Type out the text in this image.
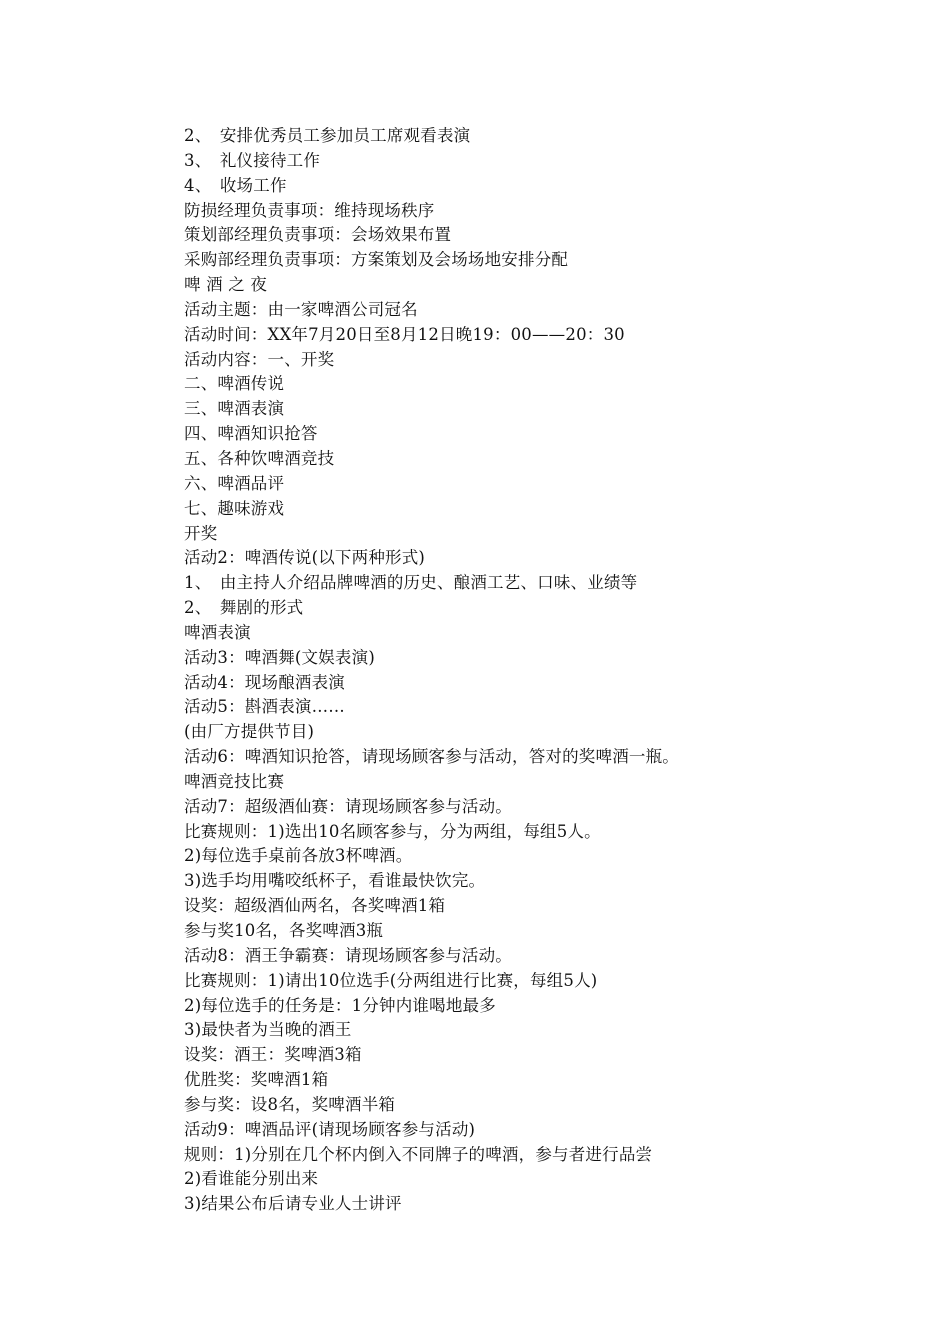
2、　安排优秀员工参加员工席观看表演
3、　礼仪接待工作
4、　收场工作
防损经理负责事项：维持现场秩序
策划部经理负责事项：会场效果布置
采购部经理负责事项：方案策划及会场场地安排分配
啤 酒 之 夜
活动主题：由一家啤酒公司冠名
活动时间：XX年7月20日至8月12日晚19：00——20：30
活动内容：一、开奖
二、啤酒传说
三、啤酒表演
四、啤酒知识抢答
五、各种饮啤酒竞技
六、啤酒品评
七、趣味游戏
开奖
活动2：啤酒传说(以下两种形式)
1、　由主持人介绍品牌啤酒的历史、酿酒工艺、口味、业绩等
2、　舞剧的形式
啤酒表演
活动3：啤酒舞(文娱表演)
活动4：现场酿酒表演
活动5：斟酒表演……
(由厂方提供节目)
活动6：啤酒知识抢答，请现场顾客参与活动，答对的奖啤酒一瓶。
啤酒竞技比赛
活动7：超级酒仙赛：请现场顾客参与活动。
比赛规则：1)选出10名顾客参与，分为两组，每组5人。
2)每位选手桌前各放3杯啤酒。
3)选手均用嘴咬纸杯子，看谁最快饮完。
设奖：超级酒仙两名，各奖啤酒1箱
参与奖10名，各奖啤酒3瓶
活动8：酒王争霸赛：请现场顾客参与活动。
比赛规则：1)请出10位选手(分两组进行比赛，每组5人)
2)每位选手的任务是：1分钟内谁喝地最多
3)最快者为当晚的酒王
设奖：酒王：奖啤酒3箱
优胜奖：奖啤酒1箱
参与奖：设8名，奖啤酒半箱
活动9：啤酒品评(请现场顾客参与活动)
规则：1)分别在几个杯内倒入不同牌子的啤酒，参与者进行品尝
2)看谁能分别出来
3)结果公布后请专业人士讲评
